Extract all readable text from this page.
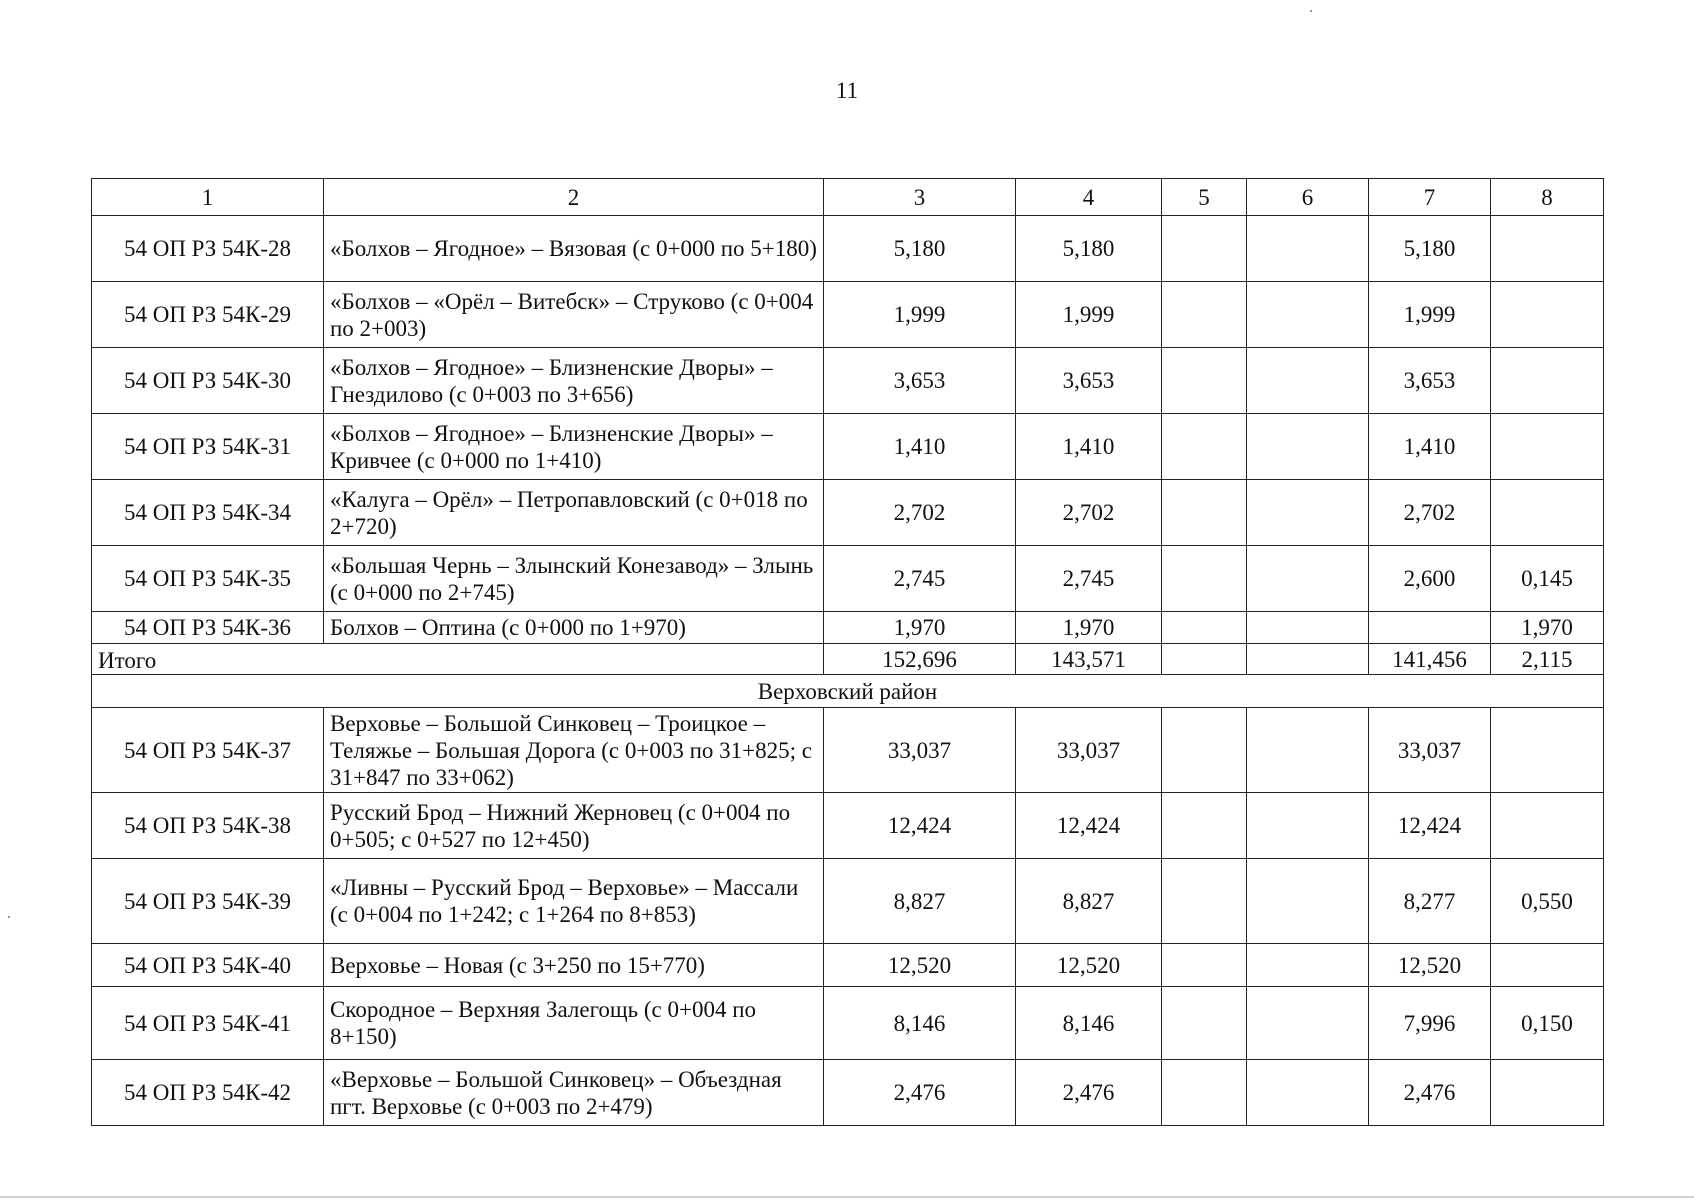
11
1	2	3	4	5	6	7	8
54 ОП РЗ 54К-28	«Болхов – Ягодное» – Вязовая (с 0+000 по 5+180)	5,180	5,180			5,180	
54 ОП РЗ 54К-29	«Болхов – «Орёл – Витебск» – Струково (с 0+004 по 2+003)	1,999	1,999			1,999	
54 ОП РЗ 54К-30	«Болхов – Ягодное» – Близненские Дворы» – Гнездилово (с 0+003 по 3+656)	3,653	3,653			3,653	
54 ОП РЗ 54К-31	«Болхов – Ягодное» – Близненские Дворы» – Кривчее (с 0+000 по 1+410)	1,410	1,410			1,410	
54 ОП РЗ 54К-34	«Калуга – Орёл» – Петропавловский (с 0+018 по 2+720)	2,702	2,702			2,702	
54 ОП РЗ 54К-35	«Большая Чернь – Злынский Конезавод» – Злынь (с 0+000 по 2+745)	2,745	2,745			2,600	0,145
54 ОП РЗ 54К-36	Болхов – Оптина (с 0+000 по 1+970)	1,970	1,970				1,970
Итого		152,696	143,571			141,456	2,115
Верховский район							
54 ОП РЗ 54К-37	Верховье – Большой Синковец – Троицкое – Теляжье – Большая Дорога (с 0+003 по 31+825; с 31+847 по 33+062)	33,037	33,037			33,037	
54 ОП РЗ 54К-38	Русский Брод – Нижний Жерновец (с 0+004 по 0+505; с 0+527 по 12+450)	12,424	12,424			12,424	
54 ОП РЗ 54К-39	«Ливны – Русский Брод – Верховье» – Массали (с 0+004 по 1+242; с 1+264 по 8+853)	8,827	8,827			8,277	0,550
54 ОП РЗ 54К-40	Верховье – Новая (с 3+250 по 15+770)	12,520	12,520			12,520	
54 ОП РЗ 54К-41	Скородное – Верхняя Залегощь (с 0+004 по 8+150)	8,146	8,146			7,996	0,150
54 ОП РЗ 54К-42	«Верховье – Большой Синковец» – Объездная пгт. Верховье (с 0+003 по 2+479)	2,476	2,476			2,476	
